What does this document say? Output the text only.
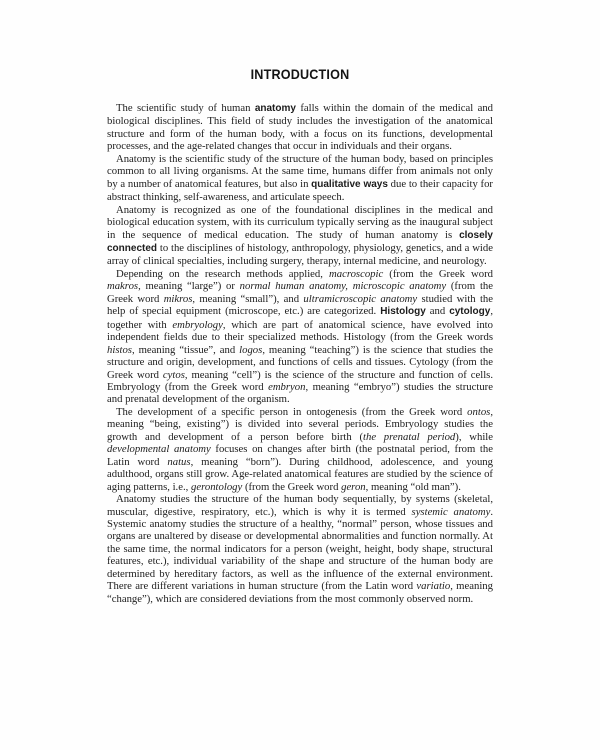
INTRODUCTION

The scientific study of human anatomy falls within the domain of the medical and biological disciplines. This field of study includes the investigation of the anatomical structure and form of the human body, with a focus on its functions, developmental processes, and the age-related changes that occur in individuals and their organs.

Anatomy is the scientific study of the structure of the human body, based on principles common to all living organisms. At the same time, humans differ from animals not only by a number of anatomical features, but also in qualitative ways due to their capacity for abstract thinking, self-awareness, and articulate speech.

Anatomy is recognized as one of the foundational disciplines in the medical and biological education system, with its curriculum typically serving as the inaugural subject in the sequence of medical education. The study of human anatomy is closely connected to the disciplines of histology, anthropology, physiology, genetics, and a wide array of clinical specialties, including surgery, therapy, internal medicine, and neurology.

Depending on the research methods applied, macroscopic (from the Greek word makros, meaning “large”) or normal human anatomy, microscopic anatomy (from the Greek word mikros, meaning “small”), and ultramicroscopic anatomy studied with the help of special equipment (microscope, etc.) are categorized. Histology and cytology, together with embryology, which are part of anatomical science, have evolved into independent fields due to their specialized methods. Histology (from the Greek words histos, meaning “tissue”, and logos, meaning “teaching”) is the science that studies the structure and origin, development, and functions of cells and tissues. Cytology (from the Greek word cytos, meaning “cell”) is the science of the structure and function of cells. Embryology (from the Greek word embryon, meaning “embryo”) studies the structure and prenatal development of the organism.

The development of a specific person in ontogenesis (from the Greek word ontos, meaning “being, existing”) is divided into several periods. Embryology studies the growth and development of a person before birth (the prenatal period), while developmental anatomy focuses on changes after birth (the postnatal period, from the Latin word natus, meaning “born”). During childhood, adolescence, and young adulthood, organs still grow. Age-related anatomical features are studied by the science of aging patterns, i.e., gerontology (from the Greek word geron, meaning “old man”).

Anatomy studies the structure of the human body sequentially, by systems (skeletal, muscular, digestive, respiratory, etc.), which is why it is termed systemic anatomy. Systemic anatomy studies the structure of a healthy, “normal” person, whose tissues and organs are unaltered by disease or developmental abnormalities and function normally. At the same time, the normal indicators for a person (weight, height, body shape, structural features, etc.), individual variability of the shape and structure of the human body are determined by hereditary factors, as well as the influence of the external environment. There are different variations in human structure (from the Latin word variatio, meaning “change”), which are considered deviations from the most commonly observed norm.
